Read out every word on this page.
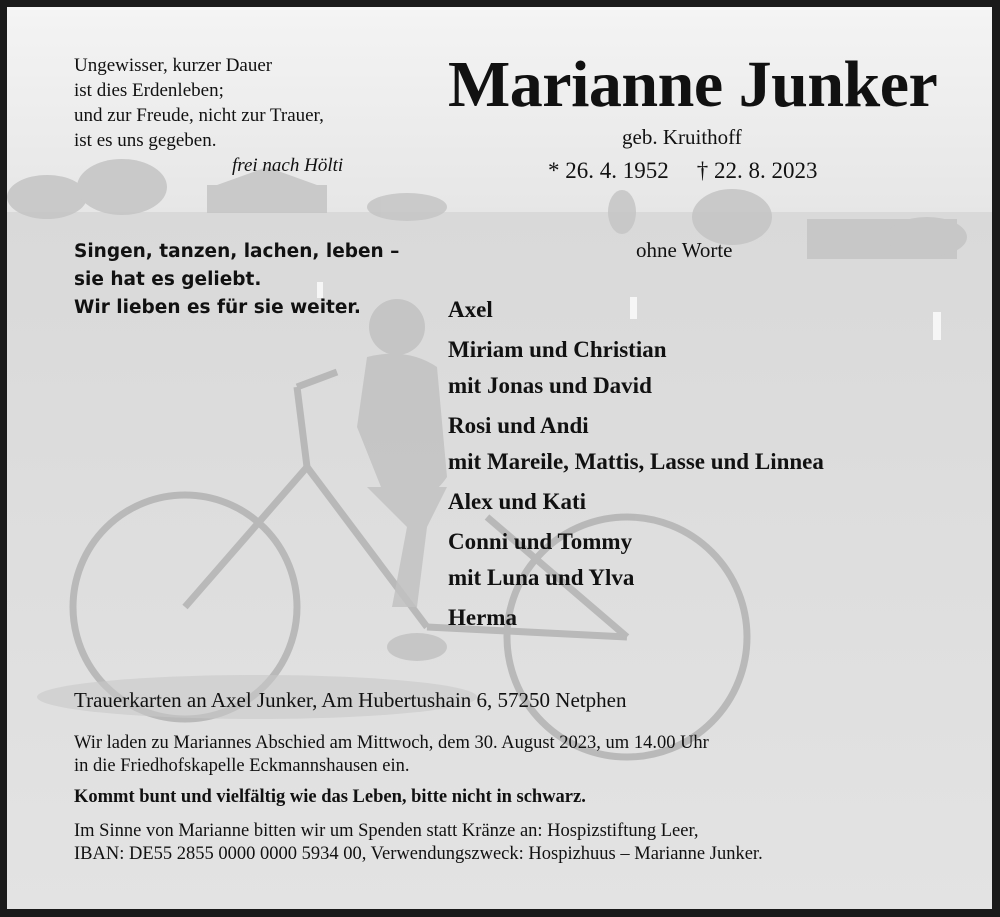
Ungewisser, kurzer Dauer
ist dies Erdenleben;
und zur Freude, nicht zur Trauer,
ist es uns gegeben.
frei nach Hölti
Marianne Junker
geb. Kruithoff
* 26. 4. 1952 † 22. 8. 2023
Singen, tanzen, lachen, leben –
sie hat es geliebt.
Wir lieben es für sie weiter.
ohne Worte
Axel
Miriam und Christian
mit Jonas und David
Rosi und Andi
mit Mareile, Mattis, Lasse und Linnea
Alex und Kati
Conni und Tommy
mit Luna und Ylva
Herma
Trauerkarten an Axel Junker, Am Hubertushain 6, 57250 Netphen
Wir laden zu Mariannes Abschied am Mittwoch, dem 30. August 2023, um 14.00 Uhr
in die Friedhofskapelle Eckmannshausen ein.
Kommt bunt und vielfältig wie das Leben, bitte nicht in schwarz.
Im Sinne von Marianne bitten wir um Spenden statt Kränze an: Hospizstiftung Leer,
IBAN: DE55 2855 0000 0000 5934 00, Verwendungszweck: Hospizhuus – Marianne Junker.
